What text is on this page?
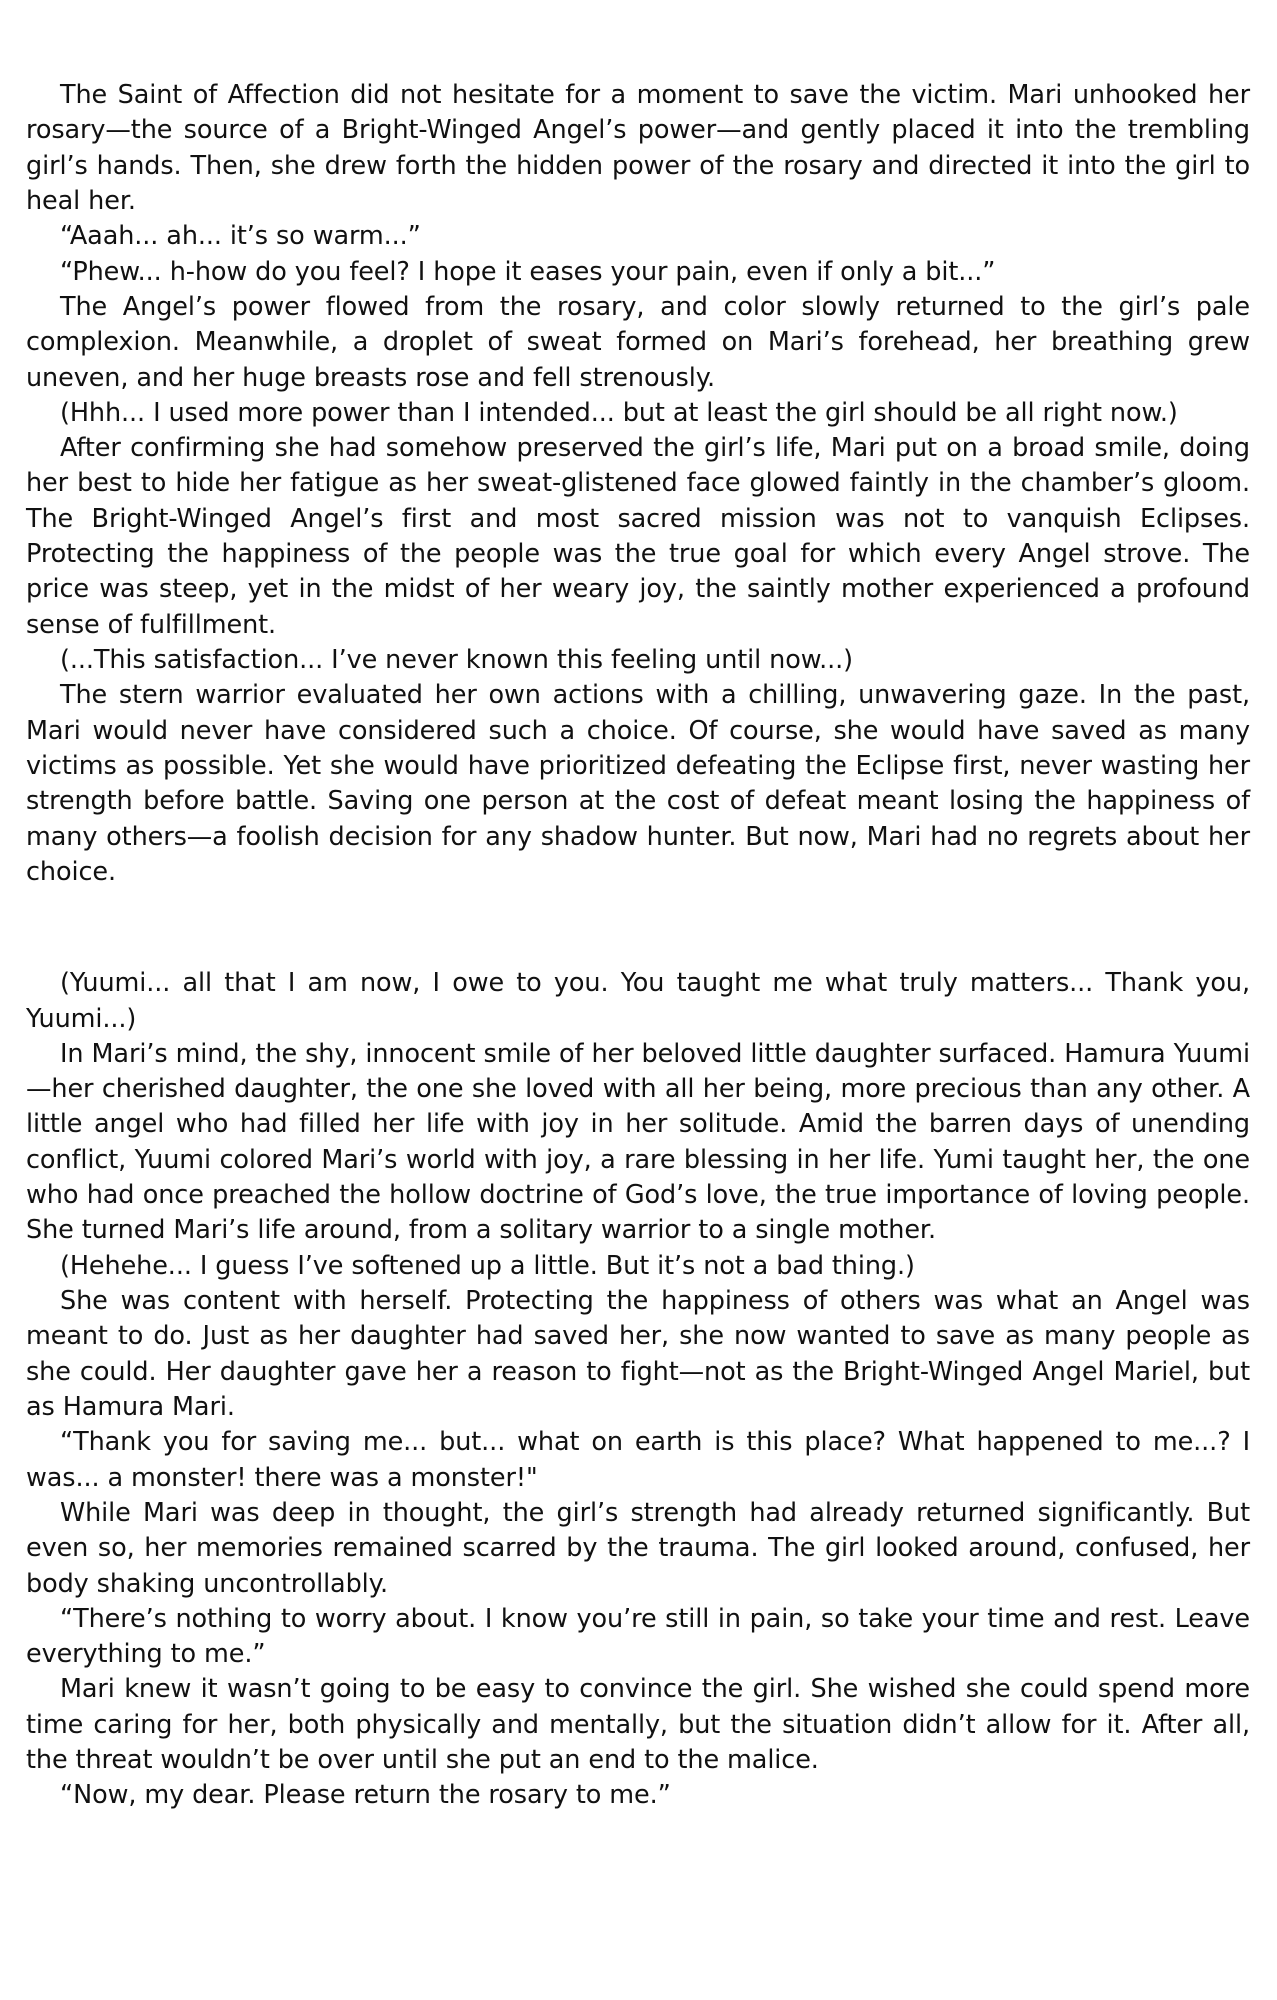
The Saint of Affection did not hesitate for a moment to save the victim. Mari unhooked her rosary—the source of a Bright-Winged Angel’s power—and gently placed it into the trembling girl’s hands. Then, she drew forth the hidden power of the rosary and directed it into the girl to heal her.

“Aaah... ah... it’s so warm...”

“Phew... h-how do you feel? I hope it eases your pain, even if only a bit...”

The Angel’s power flowed from the rosary, and color slowly returned to the girl’s pale complexion. Meanwhile, a droplet of sweat formed on Mari’s forehead, her breathing grew uneven, and her huge breasts rose and fell strenously.

(Hhh... I used more power than I intended... but at least the girl should be all right now.)

After confirming she had somehow preserved the girl’s life, Mari put on a broad smile, doing her best to hide her fatigue as her sweat-glistened face glowed faintly in the chamber’s gloom. The Bright-Winged Angel’s first and most sacred mission was not to vanquish Eclipses. Protecting the happiness of the people was the true goal for which every Angel strove. The price was steep, yet in the midst of her weary joy, the saintly mother experienced a profound sense of fulfillment.

(...This satisfaction... I’ve never known this feeling until now...)

The stern warrior evaluated her own actions with a chilling, unwavering gaze. In the past, Mari would never have considered such a choice. Of course, she would have saved as many victims as possible. Yet she would have prioritized defeating the Eclipse first, never wasting her strength before battle. Saving one person at the cost of defeat meant losing the happiness of many others—a foolish decision for any shadow hunter. But now, Mari had no regrets about her choice.

(Yuumi... all that I am now, I owe to you. You taught me what truly matters... Thank you, Yuumi...)

In Mari’s mind, the shy, innocent smile of her beloved little daughter surfaced. Hamura Yuumi—her cherished daughter, the one she loved with all her being, more precious than any other. A little angel who had filled her life with joy in her solitude. Amid the barren days of unending conflict, Yuumi colored Mari’s world with joy, a rare blessing in her life. Yumi taught her, the one who had once preached the hollow doctrine of God’s love, the true importance of loving people. She turned Mari’s life around, from a solitary warrior to a single mother.

(Hehehe... I guess I’ve softened up a little. But it’s not a bad thing.)

She was content with herself. Protecting the happiness of others was what an Angel was meant to do. Just as her daughter had saved her, she now wanted to save as many people as she could. Her daughter gave her a reason to fight—not as the Bright-Winged Angel Mariel, but as Hamura Mari.

“Thank you for saving me... but... what on earth is this place? What happened to me...? I was... a monster! there was a monster!"

While Mari was deep in thought, the girl’s strength had already returned significantly. But even so, her memories remained scarred by the trauma. The girl looked around, confused, her body shaking uncontrollably.

“There’s nothing to worry about. I know you’re still in pain, so take your time and rest. Leave everything to me.”

Mari knew it wasn’t going to be easy to convince the girl. She wished she could spend more time caring for her, both physically and mentally, but the situation didn’t allow for it. After all, the threat wouldn’t be over until she put an end to the malice.

“Now, my dear. Please return the rosary to me.”
